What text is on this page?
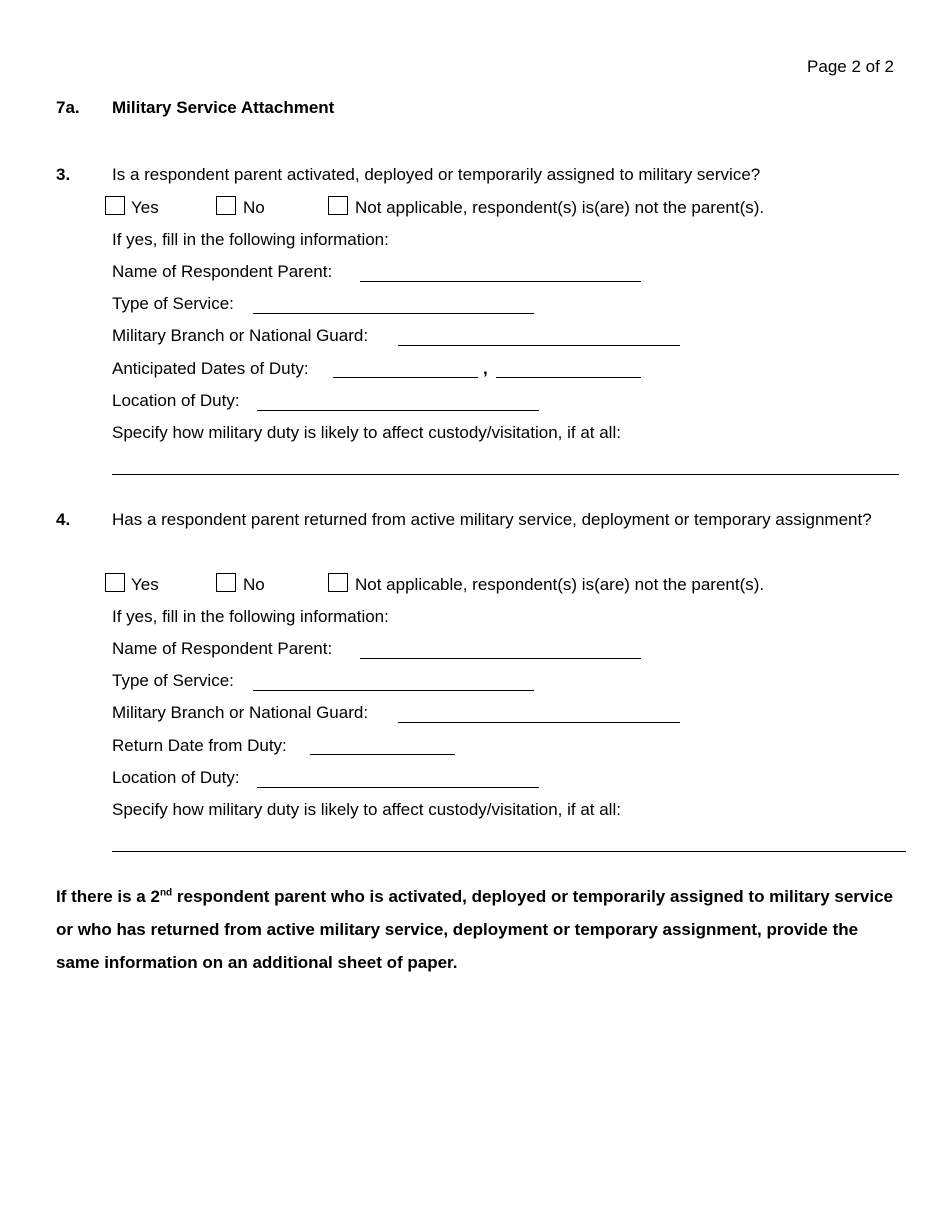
Page 2 of 2
7a. Military Service Attachment
3. Is a respondent parent activated, deployed or temporarily assigned to military service?
Yes	No	Not applicable, respondent(s) is(are) not the parent(s).
If yes, fill in the following information:
Name of Respondent Parent:
Type of Service:
Military Branch or National Guard:
Anticipated Dates of Duty:	,
Location of Duty:
Specify how military duty is likely to affect custody/visitation, if at all:
4. Has a respondent parent returned from active military service, deployment or temporary assignment?
Yes	No	Not applicable, respondent(s) is(are) not the parent(s).
If yes, fill in the following information:
Name of Respondent Parent:
Type of Service:
Military Branch or National Guard:
Return Date from Duty:
Location of Duty:
Specify how military duty is likely to affect custody/visitation, if at all:
If there is a 2nd respondent parent who is activated, deployed or temporarily assigned to military service or who has returned from active military service, deployment or temporary assignment, provide the same information on an additional sheet of paper.
